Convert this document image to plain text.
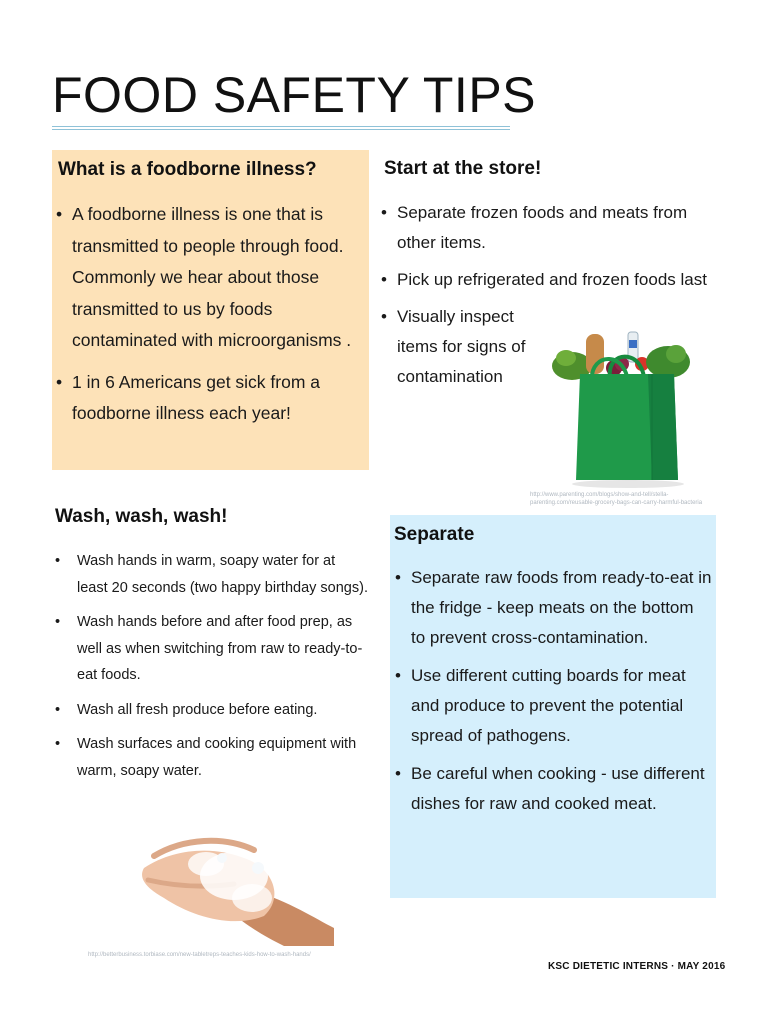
FOOD SAFETY TIPS
What is a foodborne illness?
• A foodborne illness is one that is transmitted to people through food. Commonly we hear about those transmitted to us by foods contaminated with microorganisms .
• 1 in 6 Americans get sick from a foodborne illness each year!
Start at the store!
• Separate frozen foods and meats from other items.
• Pick up refrigerated and frozen foods last
• Visually inspect items for signs of contamination
http://www.parenting.com/blogs/show-and-tell/stella-parenting.com/reusable-grocery-bags-can-carry-harmful-bacteria
Wash, wash, wash!
• Wash hands in warm, soapy water for at least 20 seconds (two happy birthday songs).
• Wash hands before and after food prep, as well as when switching from raw to ready-to-eat foods.
• Wash all fresh produce before eating.
• Wash surfaces and cooking equipment with warm, soapy water.
http://betterbusiness.torbiase.com/new-tabletreps-teaches-kids-how-to-wash-hands/
Separate
• Separate raw foods from ready-to-eat in the fridge - keep meats on the bottom to prevent cross-contamination.
• Use different cutting boards for meat and produce to prevent the potential spread of pathogens.
• Be careful when cooking - use different dishes for raw and cooked meat.
KSC DIETETIC INTERNS · MAY 2016
